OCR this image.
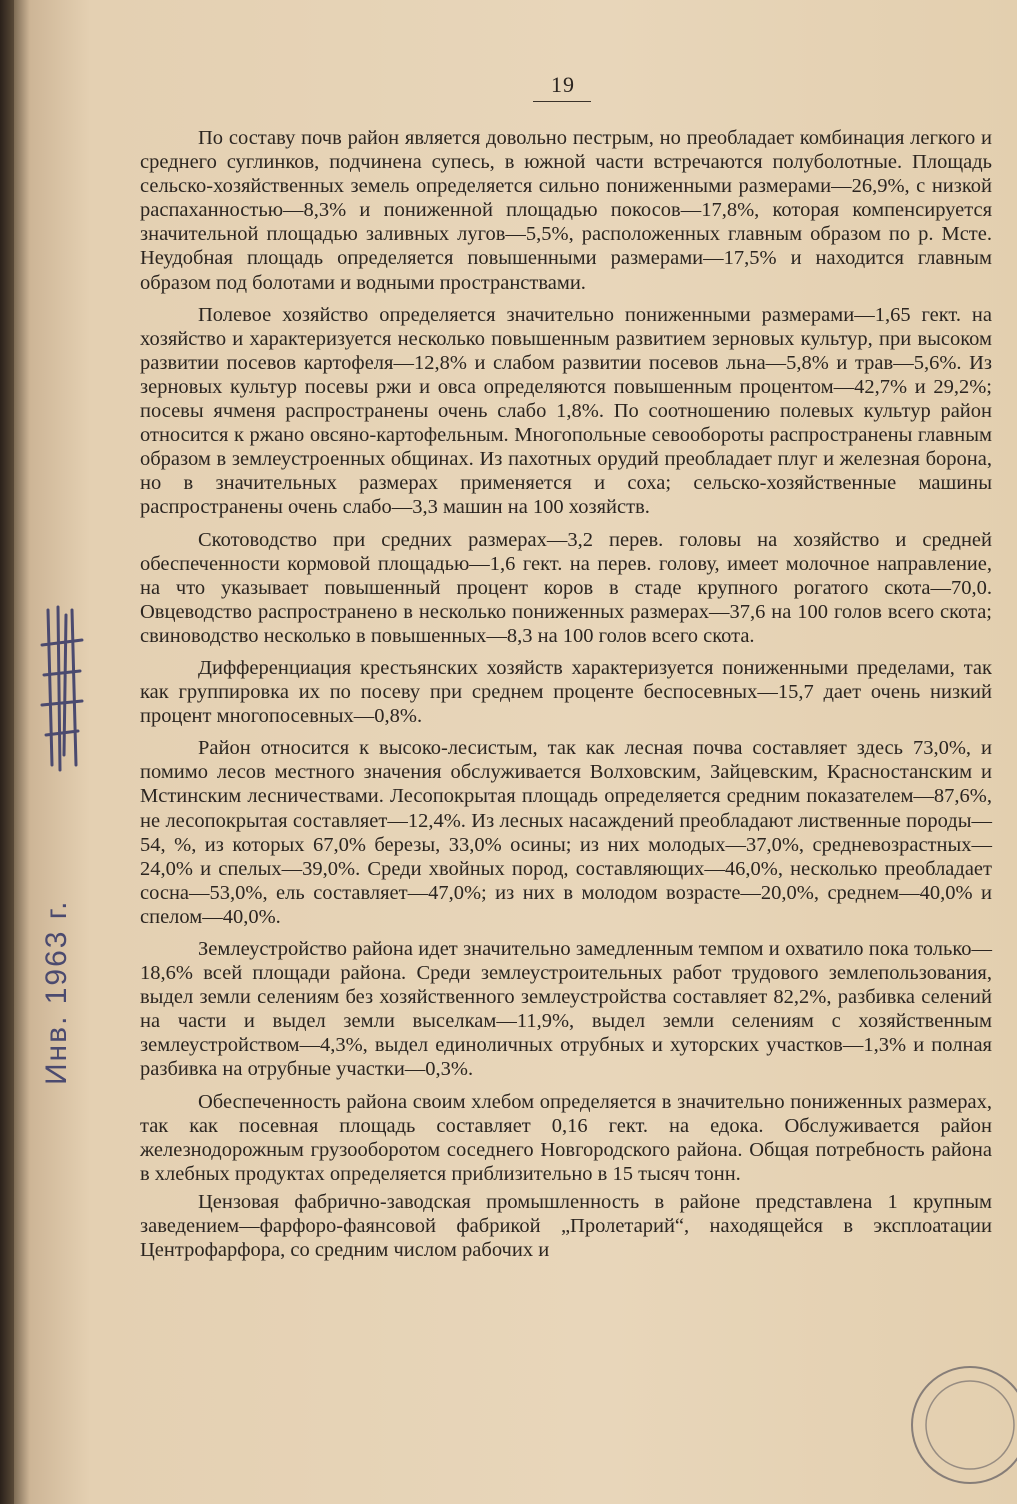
19
Инв. 1963 г.

По составу почв район является довольно пестрым, но преобладает комбинация легкого и среднего суглинков, подчинена супесь, в южной части встречаются полуболотные. Площадь сельско-хозяйственных земель определяется сильно пониженными размерами—26,9%, с низкой распаханностью—8,3% и пониженной площадью покосов—17,8%, которая компенсируется значительной площадью заливных лугов—5,5%, расположенных главным образом по р. Мсте. Неудобная площадь определяется повышенными размерами—17,5% и находится главным образом под болотами и водными пространствами.

Полевое хозяйство определяется значительно пониженными размерами—1,65 гект. на хозяйство и характеризуется несколько повышенным развитием зерновых культур, при высоком развитии посевов картофеля—12,8% и слабом развитии посевов льна—5,8% и трав—5,6%. Из зерновых культур посевы ржи и овса определяются повышенным процентом—42,7% и 29,2%; посевы ячменя распространены очень слабо 1,8%. По соотношению полевых культур район относится к ржано овсяно-картофельным. Многопольные севообороты распространены главным образом в землеустроенных общинах. Из пахотных орудий преобладает плуг и железная борона, но в значительных размерах применяется и соха; сельско-хозяйственные машины распространены очень слабо—3,3 машин на 100 хозяйств.

Скотоводство при средних размерах—3,2 перев. головы на хозяйство и средней обеспеченности кормовой площадью—1,6 гект. на перев. голову, имеет молочное направление, на что указывает повышенный процент коров в стаде крупного рогатого скота—70,0. Овцеводство распространено в несколько пониженных размерах—37,6 на 100 голов всего скота; свиноводство несколько в повышенных—8,3 на 100 голов всего скота.

Дифференциация крестьянских хозяйств характеризуется пониженными пределами, так как группировка их по посеву при среднем проценте беспосевных—15,7 дает очень низкий процент многопосевных—0,8%.

Район относится к высоко-лесистым, так как лесная почва составляет здесь 73,0%, и помимо лесов местного значения обслуживается Волховским, Зайцевским, Красностанским и Мстинским лесничествами. Лесопокрытая площадь определяется средним показателем—87,6%, не лесопокрытая составляет—12,4%. Из лесных насаждений преобладают лиственные породы—54, %, из которых 67,0% березы, 33,0% осины; из них молодых—37,0%, средневозрастных—24,0% и спелых—39,0%. Среди хвойных пород, составляющих—46,0%, несколько преобладает сосна—53,0%, ель составляет—47,0%; из них в молодом возрасте—20,0%, среднем—40,0% и спелом—40,0%.

Землеустройство района идет значительно замедленным темпом и охватило пока только—18,6% всей площади района. Среди землеустроительных работ трудового землепользования, выдел земли селениям без хозяйственного землеустройства составляет 82,2%, разбивка селений на части и выдел земли выселкам—11,9%, выдел земли селениям с хозяйственным землеустройством—4,3%, выдел единоличных отрубных и хуторских участков—1,3% и полная разбивка на отрубные участки—0,3%.

Обеспеченность района своим хлебом определяется в значительно пониженных размерах, так как посевная площадь составляет 0,16 гект. на едока. Обслуживается район железнодорожным грузооборотом соседнего Новгородского района. Общая потребность района в хлебных продуктах определяется приблизительно в 15 тысяч тонн.

Цензовая фабрично-заводская промышленность в районе представлена 1 крупным заведением—фарфоро-фаянсовой фабрикой „Пролетарий“, находящейся в эксплоатации Центрофарфора, со средним числом рабочих и
